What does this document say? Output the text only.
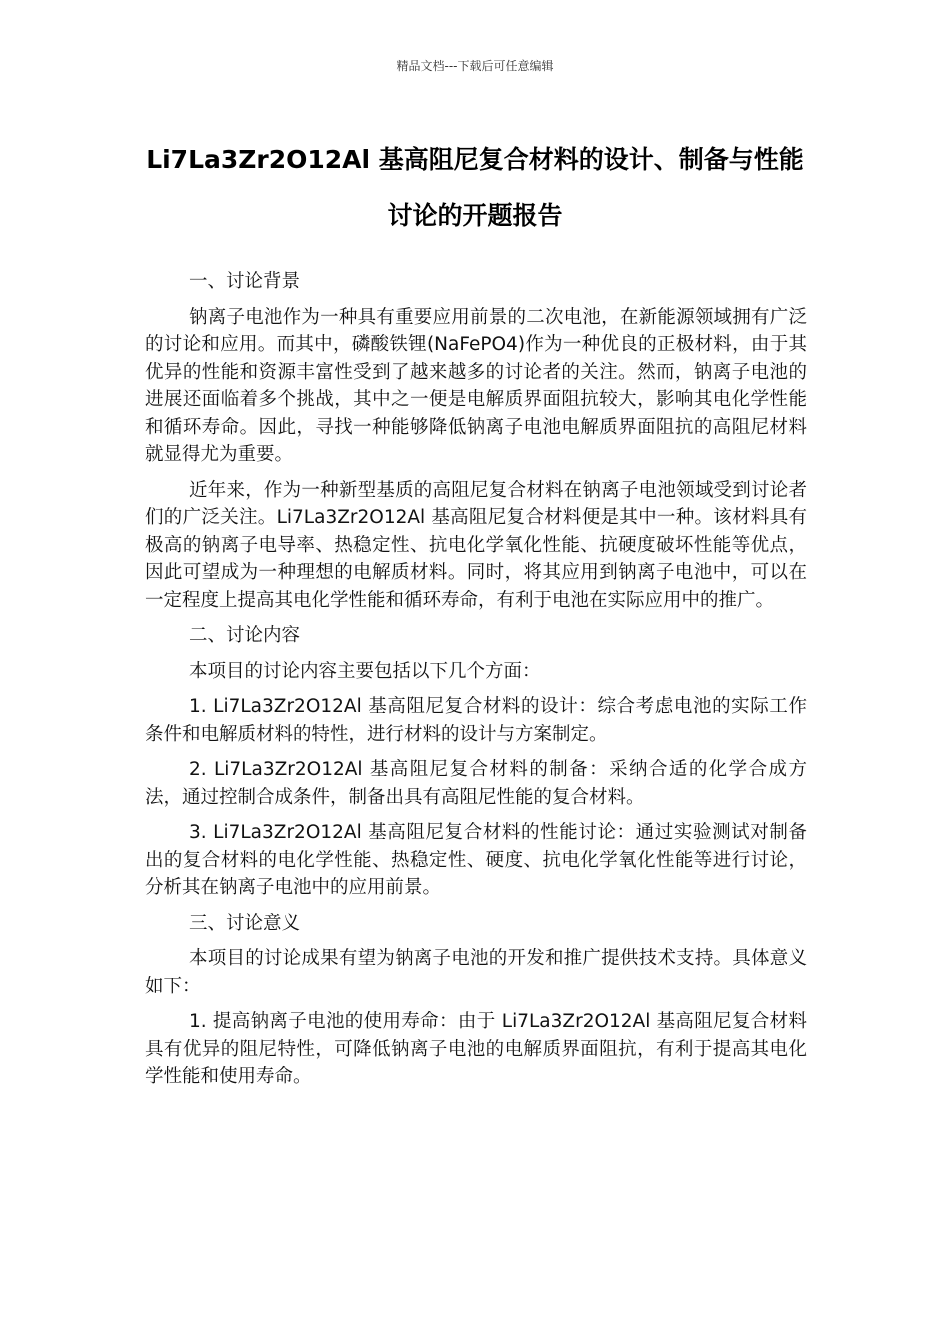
精品文档---下载后可任意编辑
Li7La3Zr2O12Al 基高阻尼复合材料的设计、制备与性能讨论的开题报告

一、讨论背景

钠离子电池作为一种具有重要应用前景的二次电池，在新能源领域拥有广泛的讨论和应用。而其中，磷酸铁锂(NaFePO4)作为一种优良的正极材料，由于其优异的性能和资源丰富性受到了越来越多的讨论者的关注。然而，钠离子电池的进展还面临着多个挑战，其中之一便是电解质界面阻抗较大，影响其电化学性能和循环寿命。因此，寻找一种能够降低钠离子电池电解质界面阻抗的高阻尼材料就显得尤为重要。

近年来，作为一种新型基质的高阻尼复合材料在钠离子电池领域受到讨论者们的广泛关注。Li7La3Zr2O12Al 基高阻尼复合材料便是其中一种。该材料具有极高的钠离子电导率、热稳定性、抗电化学氧化性能、抗硬度破坏性能等优点，因此可望成为一种理想的电解质材料。同时，将其应用到钠离子电池中，可以在一定程度上提高其电化学性能和循环寿命，有利于电池在实际应用中的推广。

二、讨论内容

本项目的讨论内容主要包括以下几个方面：

1. Li7La3Zr2O12Al 基高阻尼复合材料的设计：综合考虑电池的实际工作条件和电解质材料的特性，进行材料的设计与方案制定。

2. Li7La3Zr2O12Al 基高阻尼复合材料的制备：采纳合适的化学合成方法，通过控制合成条件，制备出具有高阻尼性能的复合材料。

3. Li7La3Zr2O12Al 基高阻尼复合材料的性能讨论：通过实验测试对制备出的复合材料的电化学性能、热稳定性、硬度、抗电化学氧化性能等进行讨论，分析其在钠离子电池中的应用前景。

三、讨论意义

本项目的讨论成果有望为钠离子电池的开发和推广提供技术支持。具体意义如下：

1. 提高钠离子电池的使用寿命：由于 Li7La3Zr2O12Al 基高阻尼复合材料具有优异的阻尼特性，可降低钠离子电池的电解质界面阻抗，有利于提高其电化学性能和使用寿命。
